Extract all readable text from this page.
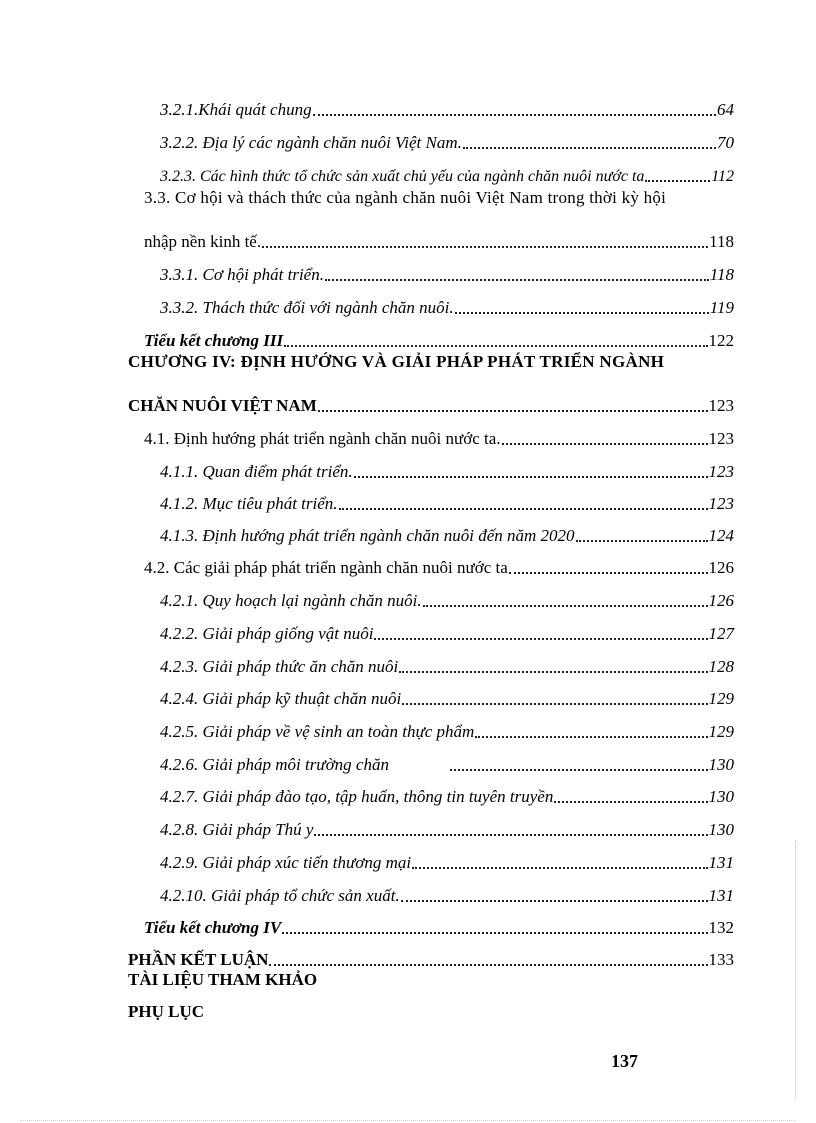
3.2.1.Khái quát chung	64
3.2.2. Địa lý các ngành chăn nuôi Việt Nam.	70
3.2.3. Các hình thức tổ chức sản xuất chủ yếu của ngành chăn nuôi nước ta	112
3.3. Cơ hội và thách thức của ngành chăn nuôi Việt Nam trong thời kỳ hội
nhập nền kinh tế.	118
3.3.1. Cơ hội phát triển.	118
3.3.2. Thách thức đối với ngành chăn nuôi.	119
Tiểu kết chương III	122
CHƯƠNG IV: ĐỊNH HƯỚNG VÀ GIẢI PHÁP PHÁT TRIỂN NGÀNH
CHĂN NUÔI VIỆT NAM	123
4.1. Định hướng phát triển ngành chăn nuôi nước ta.	123
4.1.1. Quan điểm phát triển.	123
4.1.2. Mục tiêu phát triển.	123
4.1.3. Định hướng phát triển ngành chăn nuôi đến năm 2020	124
4.2. Các giải pháp phát triển ngành chăn nuôi nước ta	126
4.2.1. Quy hoạch lại ngành chăn nuôi.	126
4.2.2. Giải pháp giống vật nuôi	127
4.2.3. Giải pháp thức ăn chăn nuôi	128
4.2.4. Giải pháp kỹ thuật chăn nuôi	129
4.2.5. Giải pháp về vệ sinh an toàn thực phẩm	129
4.2.6. Giải pháp môi trường chăn	130
4.2.7. Giải pháp đào tạo, tập huấn, thông tin tuyên truyền	130
4.2.8. Giải pháp Thú y	130
4.2.9. Giải pháp xúc tiến thương mại	131
4.2.10. Giải pháp tổ chức sản xuất.	131
Tiểu kết chương IV	132
PHẦN KẾT LUẬN	133
TÀI LIỆU THAM KHẢO
PHỤ LỤC
137
